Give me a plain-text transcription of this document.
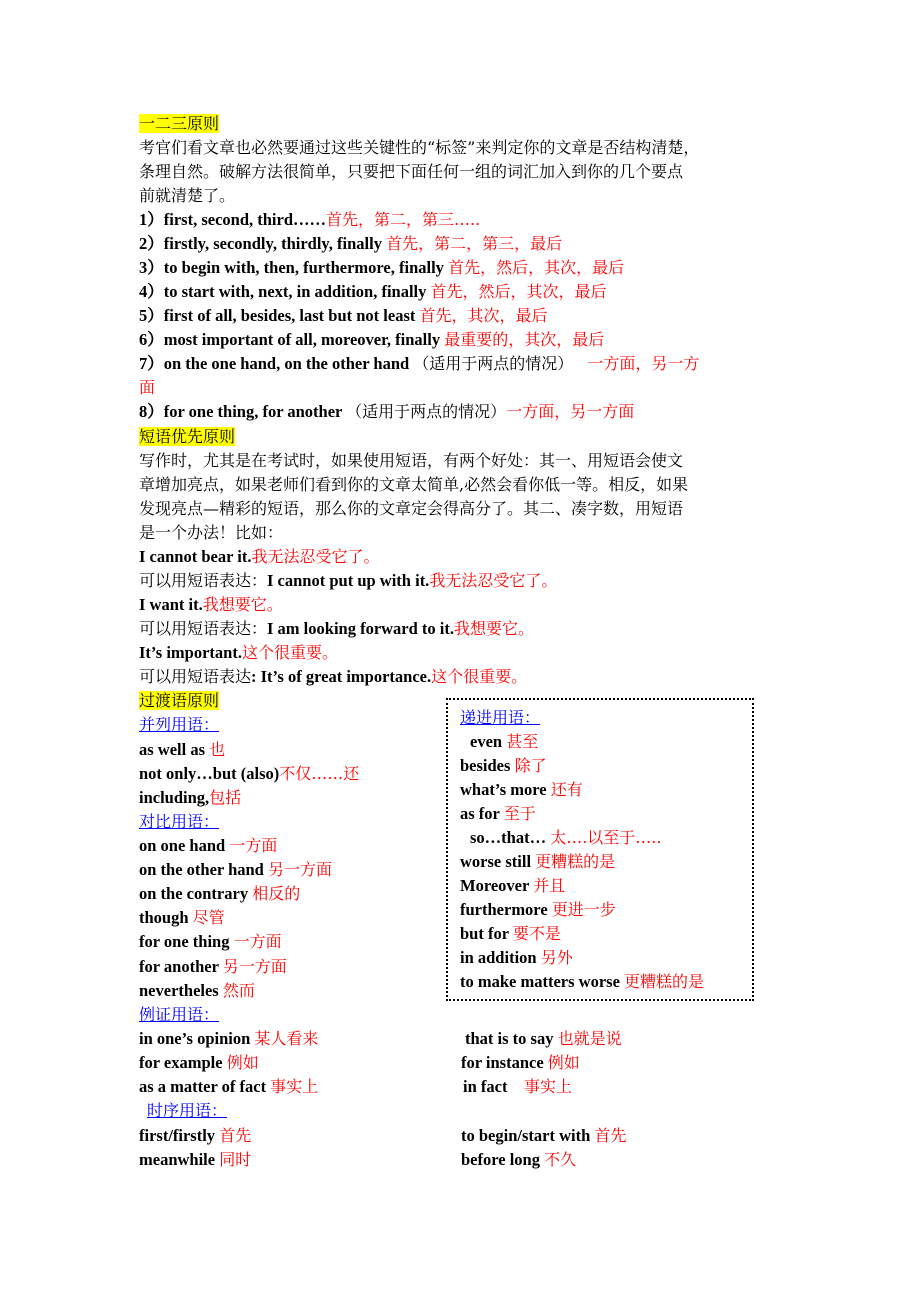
一二三原则
考官们看文章也必然要通过这些关键性的“标签”来判定你的文章是否结构清楚，
条理自然。破解方法很简单，只要把下面任何一组的词汇加入到你的几个要点
前就清楚了。
1）first, second, third……首先，第二，第三…..
2）firstly, secondly, thirdly, finally 首先，第二，第三，最后
3）to begin with, then, furthermore, finally 首先，然后，其次，最后
4）to start with, next, in addition, finally 首先，然后，其次，最后
5）first of all, besides, last but not least 首先，其次，最后
6）most important of all, moreover, finally 最重要的，其次，最后
7）on the one hand, on the other hand （适用于两点的情况） 一方面，另一方
面
8）for one thing, for another （适用于两点的情况）一方面，另一方面
短语优先原则
写作时，尤其是在考试时，如果使用短语，有两个好处：其一、用短语会使文
章增加亮点，如果老师们看到你的文章太简单,必然会看你低一等。相反，如果
发现亮点—精彩的短语，那么你的文章定会得高分了。其二、凑字数，用短语
是一个办法！比如：
I cannot bear it.我无法忍受它了。
可以用短语表达：I cannot put up with it.我无法忍受它了。
I want it.我想要它。
可以用短语表达：I am looking forward to it.我想要它。
It’s important.这个很重要。
可以用短语表达: It’s of great importance.这个很重要。
过渡语原则
并列用语：
as well as 也
not only…but (also)不仅……还
including,包括
对比用语：
on one hand 一方面
on the other hand 另一方面
on the contrary 相反的
though 尽管
for one thing 一方面
for another 另一方面
nevertheles 然而
递进用语：
even 甚至
besides 除了
what’s more 还有
as for 至于
so…that… 太….以至于…..
worse still 更糟糕的是
Moreover 并且
furthermore 更进一步
but for 要不是
in addition 另外
to make matters worse 更糟糕的是
例证用语：
in one’s opinion 某人看来
for example 例如
as a matter of fact 事实上
that is to say 也就是说
for instance 例如
in fact    事实上
时序用语：
first/firstly 首先
meanwhile 同时
to begin/start with 首先
before long 不久
